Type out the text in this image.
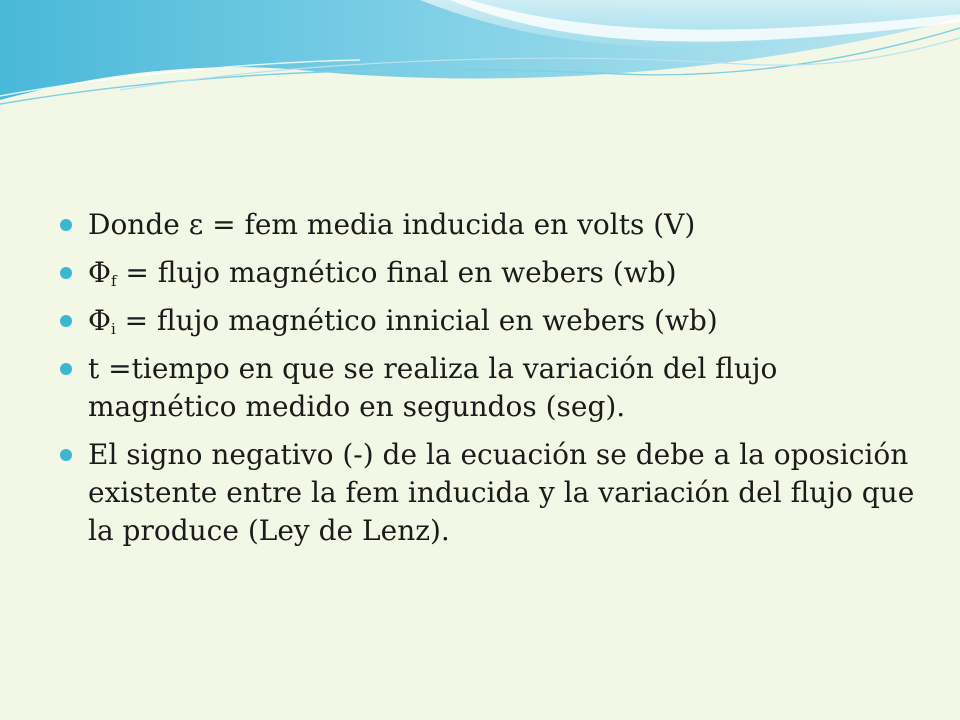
Donde ε = fem media inducida en volts (V)
$\Phi_f$ = flujo magnético final en webers (wb)
$\Phi_i$ = flujo magnético innicial en webers (wb)
t =tiempo en que se realiza la variación del flujo magnético medido en segundos (seg).
El signo negativo (-) de la ecuación se debe a la oposición existente entre la fem inducida y la variación del flujo que la produce (Ley de Lenz).
